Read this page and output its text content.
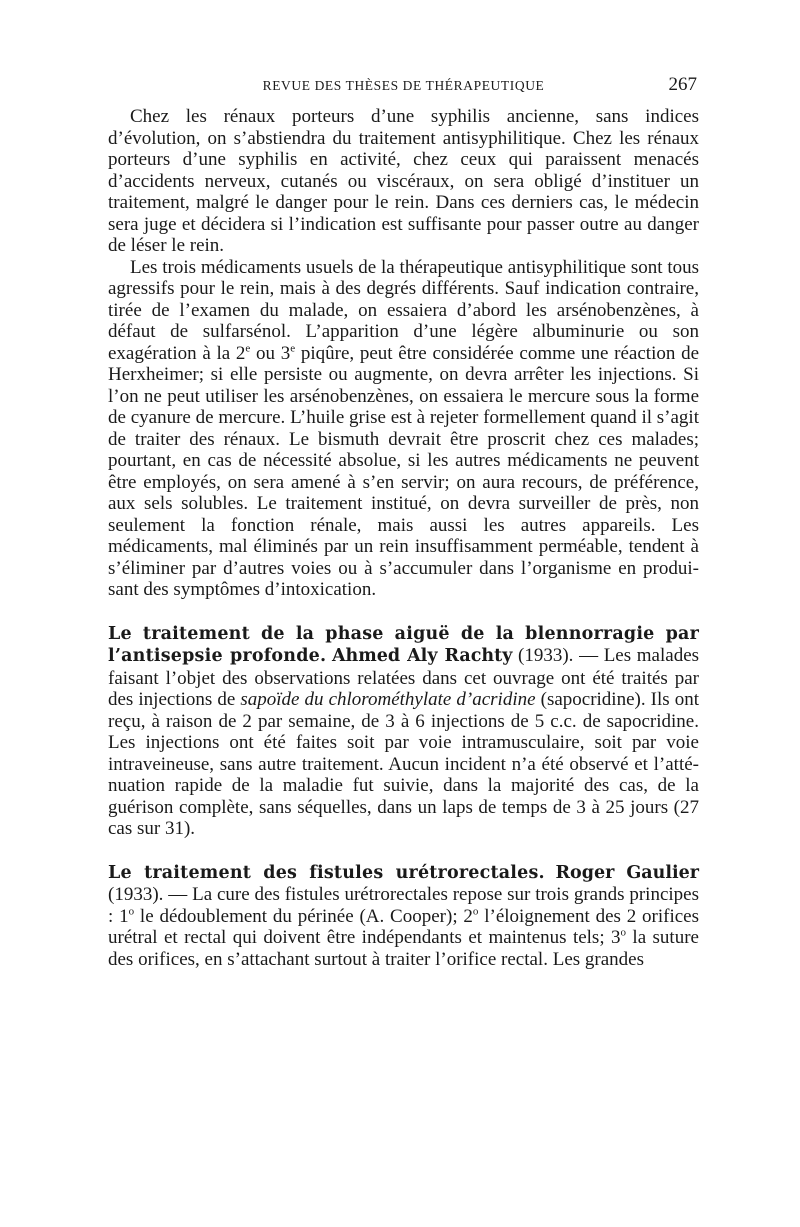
REVUE DES THÈSES DE THÉRAPEUTIQUE	267

Chez les rénaux porteurs d’une syphilis ancienne, sans indices d’évolution, on s’abstiendra du traitement antisyphilitique. Chez les rénaux porteurs d’une syphilis en activité, chez ceux qui paraissent menacés d’accidents nerveux, cutanés ou viscéraux, on sera obligé d’instituer un traitement, malgré le danger pour le rein. Dans ces derniers cas, le médecin sera juge et décidera si l’indication est suffisante pour passer outre au danger de léser le rein.

Les trois médicaments usuels de la thérapeutique antisyphilitique sont tous agressifs pour le rein, mais à des degrés différents. Sauf indication contraire, tirée de l’examen du malade, on essaiera d’abord les arsénobenzènes, à défaut de sulfarsénol. L’apparition d’une légère albuminurie ou son exagération à la 2e ou 3e piqûre, peut être considérée comme une réaction de Herxheimer; si elle persiste ou augmente, on devra arrêter les injections. Si l’on ne peut utiliser les arsénobenzènes, on essaiera le mercure sous la forme de cyanure de mercure. L’huile grise est à rejeter formellement quand il s’agit de traiter des rénaux. Le bismuth devrait être proscrit chez ces malades; pourtant, en cas de nécessité absolue, si les autres médicaments ne peuvent être employés, on sera amené à s’en servir; on aura recours, de préférence, aux sels solubles. Le traitement institué, on devra surveiller de près, non seulement la fonction rénale, mais aussi les autres appareils. Les médicaments, mal éliminés par un rein insuffisamment perméable, tendent à s’éliminer par d’autres voies ou à s’accumuler dans l’organisme en produisant des symptômes d’intoxication.

Le traitement de la phase aiguë de la blennorragie par l’antisepsie profonde. Ahmed Aly Rachty (1933). — Les malades faisant l’objet des observations relatées dans cet ouvrage ont été traités par des injections de sapoïde du chlorométhylate d’acridine (sapocridine). Ils ont reçu, à raison de 2 par semaine, de 3 à 6 injections de 5 c.c. de sapocridine. Les injections ont été faites soit par voie intramusculaire, soit par voie intraveineuse, sans autre traitement. Aucun incident n’a été observé et l’atténuation rapide de la maladie fut suivie, dans la majorité des cas, de la guérison complète, sans séquelles, dans un laps de temps de 3 à 25 jours (27 cas sur 31).

Le traitement des fistules urétrorectales. Roger Gaulier (1933). — La cure des fistules urétrorectales repose sur trois grands principes : 1$^o$ le dédoublement du périnée (A. Cooper); 2$^o$ l’éloignement des 2 orifices urétral et rectal qui doivent être indépendants et maintenus tels; 3$^o$ la suture des orifices, en s’attachant surtout à traiter l’orifice rectal. Les grandes
